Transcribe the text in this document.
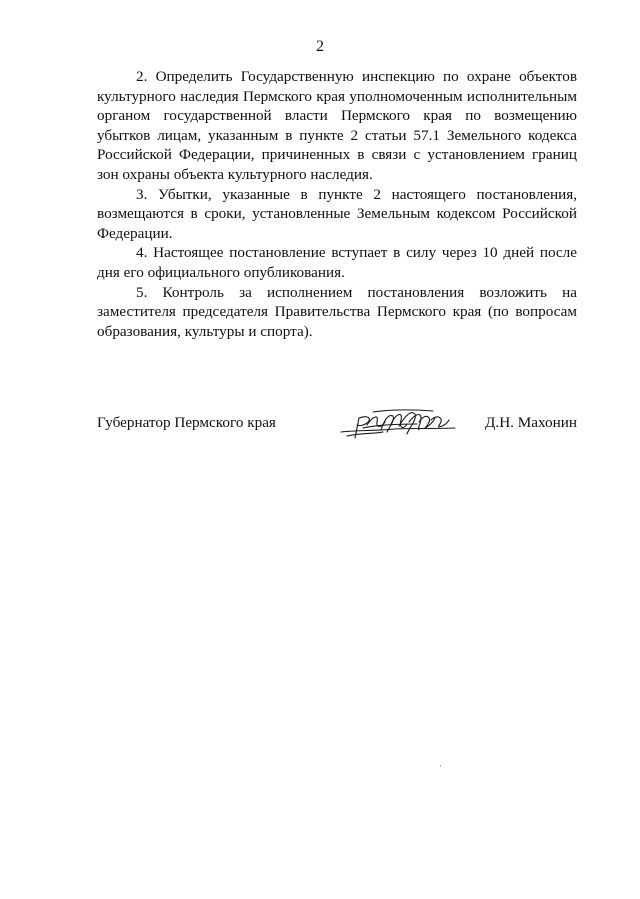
2

2. Определить Государственную инспекцию по охране объектов культурного наследия Пермского края уполномоченным исполнительным органом государственной власти Пермского края по возмещению убытков лицам, указанным в пункте 2 статьи 57.1 Земельного кодекса Российской Федерации, причиненных в связи с установлением границ зон охраны объекта культурного наследия.

3. Убытки, указанные в пункте 2 настоящего постановления, возмещаются в сроки, установленные Земельным кодексом Российской Федерации.

4. Настоящее постановление вступает в силу через 10 дней после дня его официального опубликования.

5. Контроль за исполнением постановления возложить на заместителя председателя Правительства Пермского края (по вопросам образования, культуры и спорта).

Губернатор Пермского края	Д.Н. Махонин
